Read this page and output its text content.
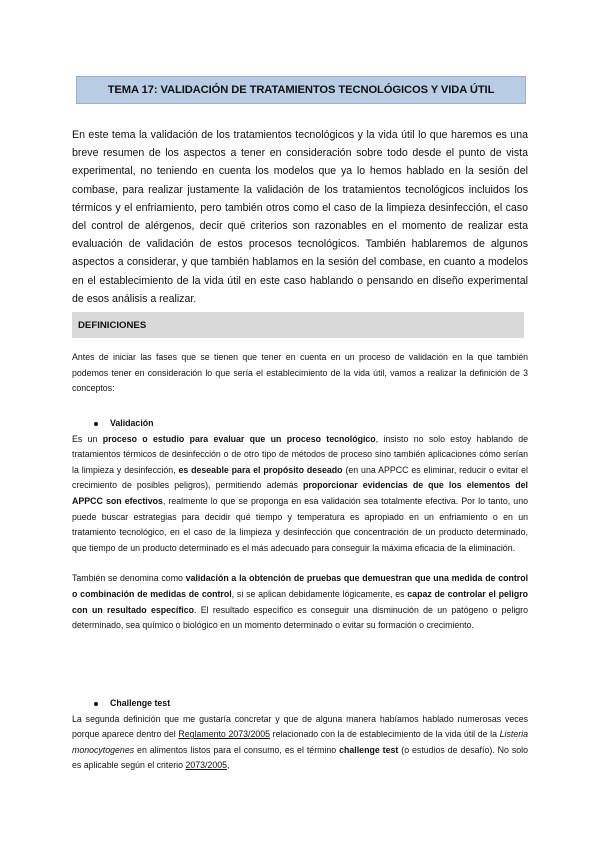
TEMA 17: VALIDACIÓN DE TRATAMIENTOS TECNOLÓGICOS Y VIDA ÚTIL

En este tema la validación de los tratamientos tecnológicos y la vida útil lo que haremos es una breve resumen de los aspectos a tener en consideración sobre todo desde el punto de vista experimental, no teniendo en cuenta los modelos que ya lo hemos hablado en la sesión del combase, para realizar justamente la validación de los tratamientos tecnológicos incluidos los térmicos y el enfriamiento, pero también otros como el caso de la limpieza desinfección, el caso del control de alérgenos, decir qué criterios son razonables en el momento de realizar esta evaluación de validación de estos procesos tecnológicos. También hablaremos de algunos aspectos a considerar, y que también hablamos en la sesión del combase, en cuanto a modelos en el establecimiento de la vida útil en este caso hablando o pensando en diseño experimental de esos análisis a realizar.

DEFINICIONES

Antes de iniciar las fases que se tienen que tener en cuenta en un proceso de validación en la que también podemos tener en consideración lo que sería el establecimiento de la vida útil, vamos a realizar la definición de 3 conceptos:

Validación

Es un proceso o estudio para evaluar que un proceso tecnológico, insisto no solo estoy hablando de tratamientos térmicos de desinfección o de otro tipo de métodos de proceso sino también aplicaciones cómo serían la limpieza y desinfección, es deseable para el propósito deseado (en una APPCC es eliminar, reducir o evitar el crecimiento de posibles peligros), permitiendo además proporcionar evidencias de que los elementos del APPCC son efectivos, realmente lo que se proponga en esa validación sea totalmente efectiva. Por lo tanto, uno puede buscar estrategias para decidir qué tiempo y temperatura es apropiado en un enfriamiento o en un tratamiento tecnológico, en el caso de la limpieza y desinfección que concentración de un producto determinado, que tiempo de un producto determinado es el más adecuado para conseguir la máxima eficacia de la eliminación.

También se denomina como validación a la obtención de pruebas que demuestran que una medida de control o combinación de medidas de control, si se aplican debidamente lógicamente, es capaz de controlar el peligro con un resultado específico. El resultado específico es conseguir una disminución de un patógeno o peligro determinado, sea químico o biológico en un momento determinado o evitar su formación o crecimiento.

Challenge test

La segunda definición que me gustaría concretar y que de alguna manera habíamos hablado numerosas veces porque aparece dentro del Reglamento 2073/2005 relacionado con la de establecimiento de la vida útil de la Listeria monocytogenes en alimentos listos para el consumo, es el término challenge test (o estudios de desafío). No solo es aplicable según el criterio 2073/2005,
